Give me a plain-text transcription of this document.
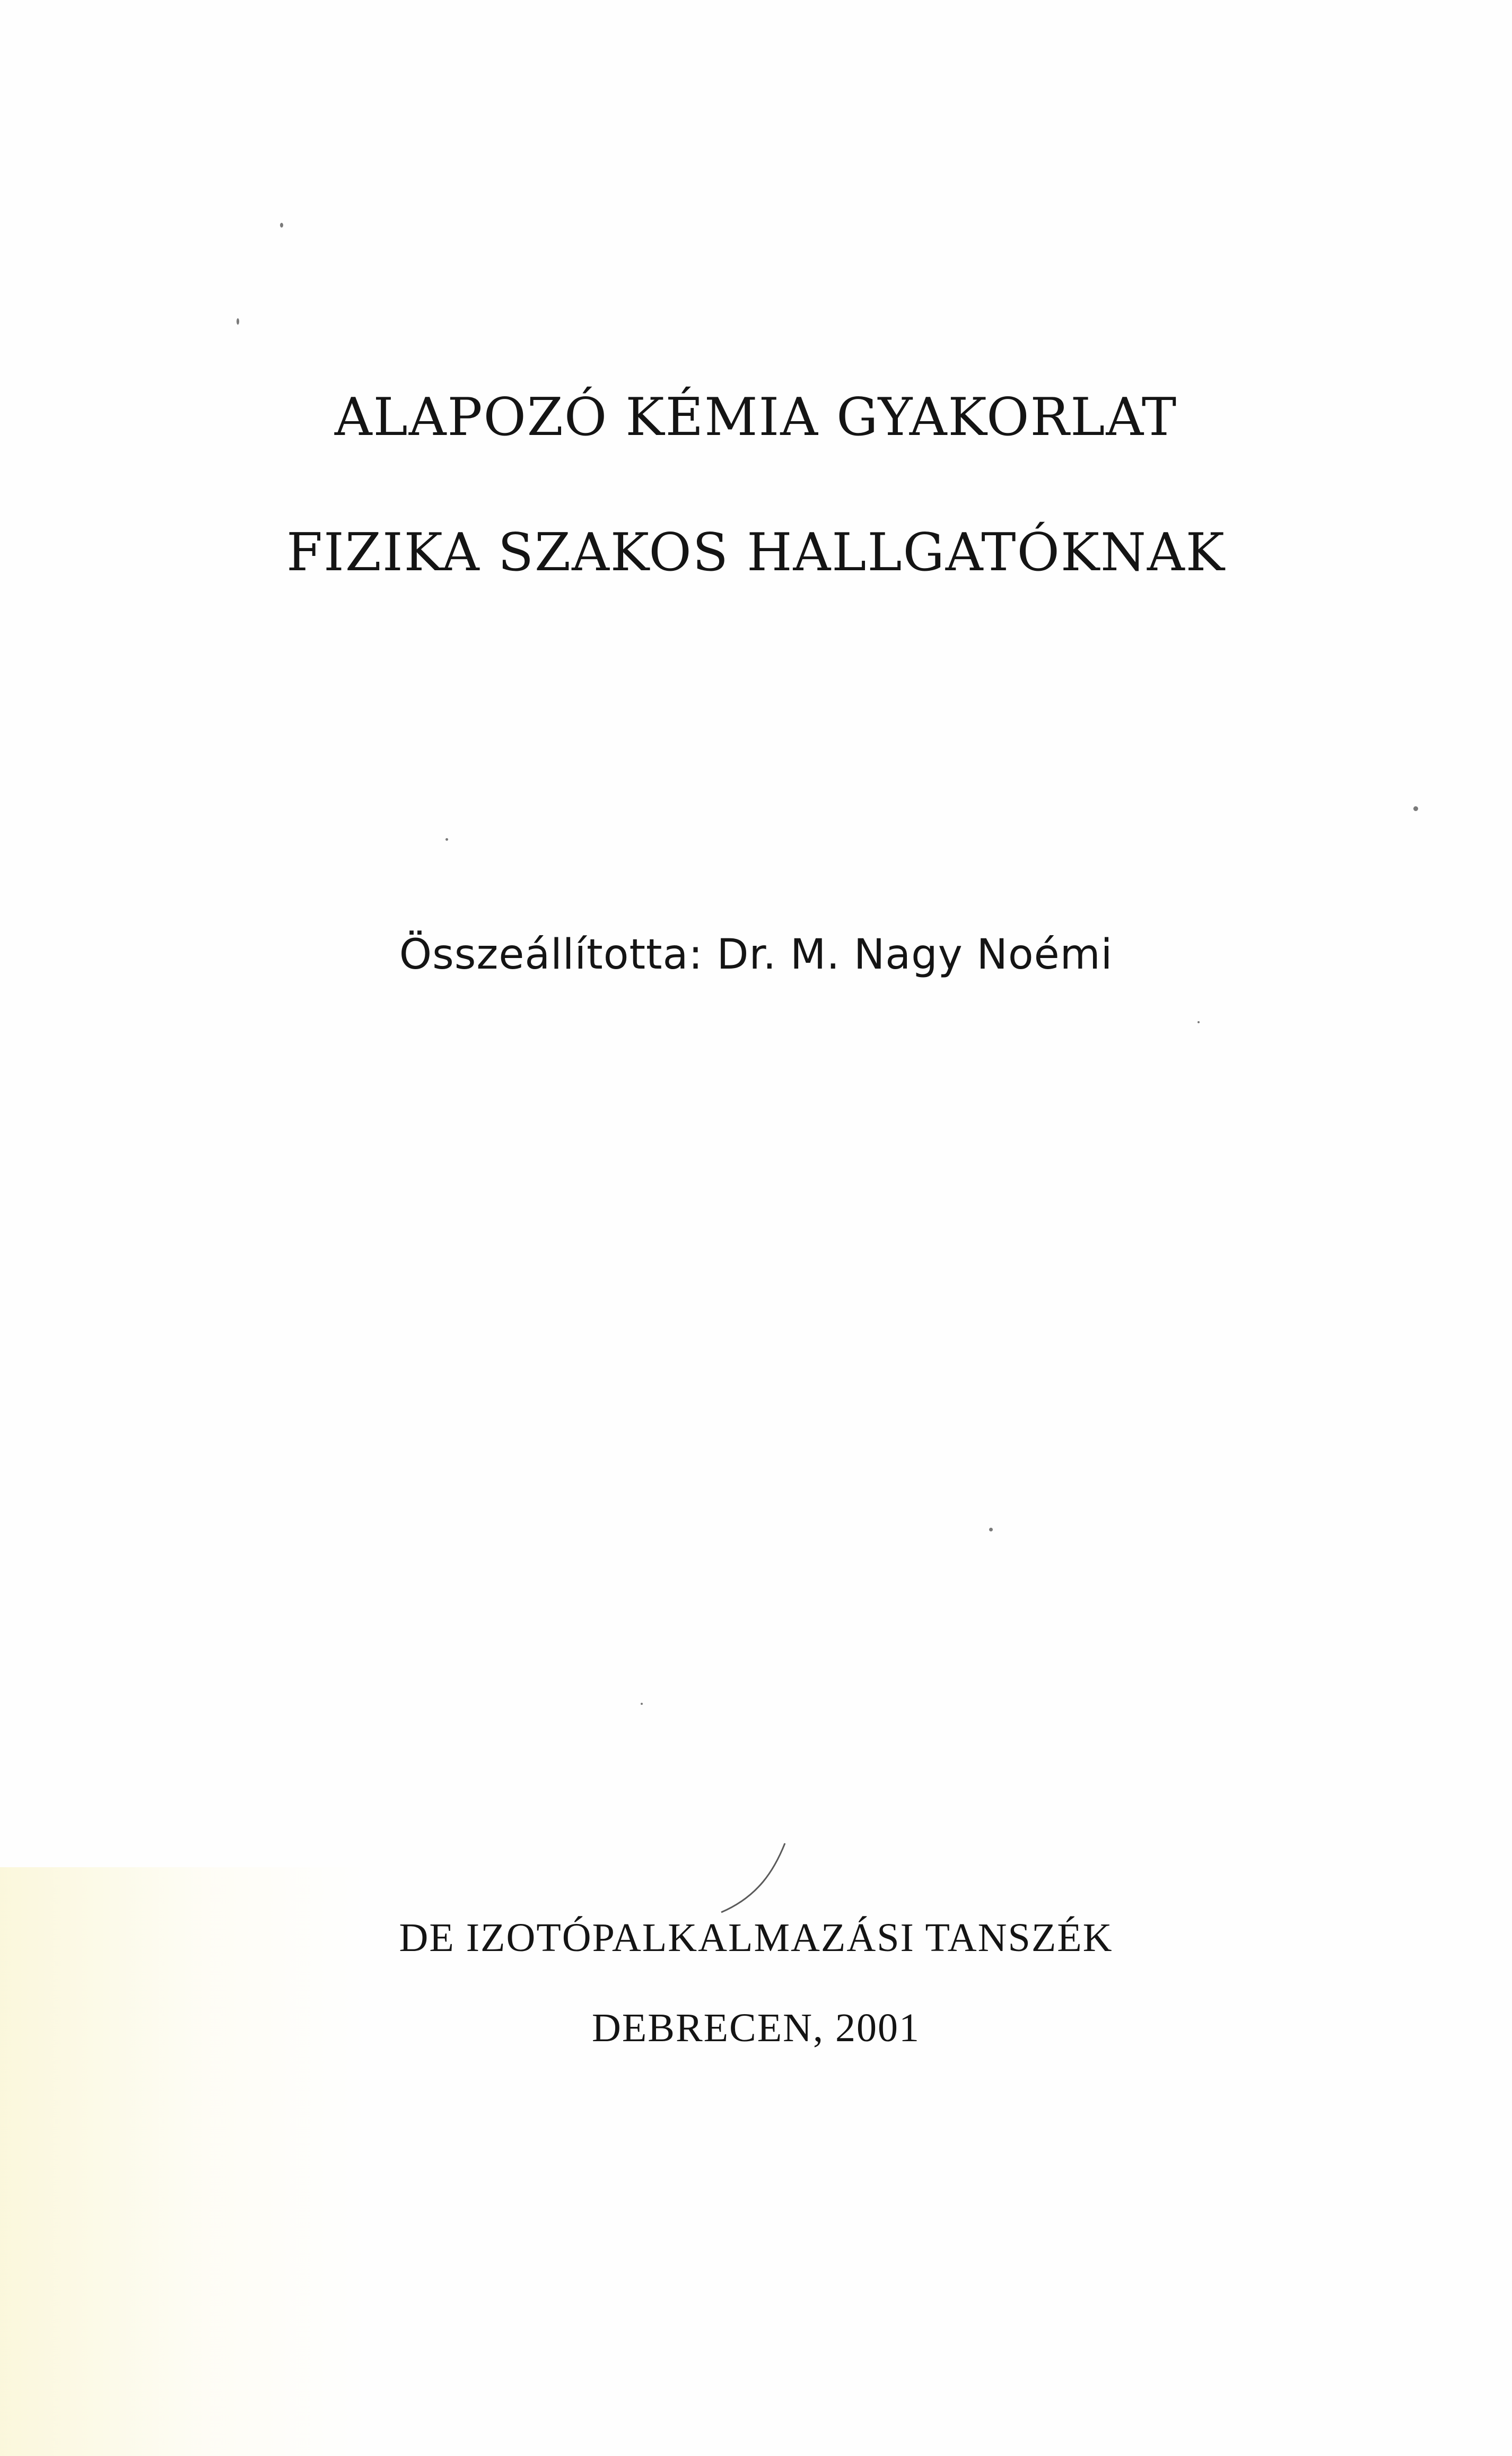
ALAPOZÓ KÉMIA GYAKORLAT
FIZIKA SZAKOS HALLGATÓKNAK
Összeállította: Dr. M. Nagy Noémi
DE IZOTÓPALKALMAZÁSI TANSZÉK
DEBRECEN, 2001
